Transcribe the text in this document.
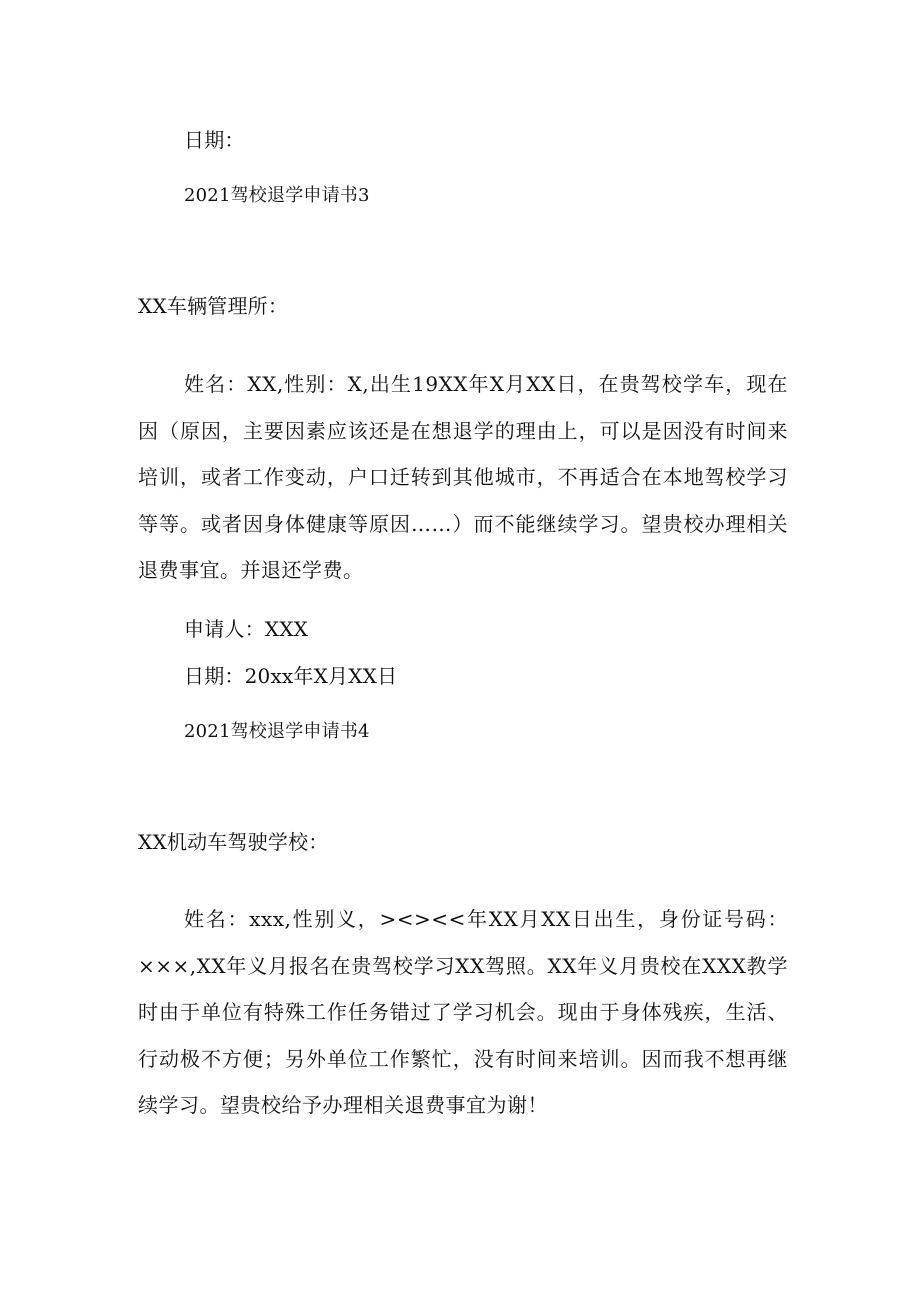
日期：
2021驾校退学申请书3
XX车辆管理所：

姓名：XX,性别：X,出生19XX年X月XX日，在贵驾校学车，现在因（原因，主要因素应该还是在想退学的理由上，可以是因没有时间来培训，或者工作变动，户口迁转到其他城市，不再适合在本地驾校学习等等。或者因身体健康等原因……）而不能继续学习。望贵校办理相关退费事宜。并退还学费。

申请人：XXX
日期：20xx年X月XX日
2021驾校退学申请书4
XX机动车驾驶学校：

姓名：xxx,性别义，><><<年XX月XX日出生，身份证号码：×××,XX年义月报名在贵驾校学习XX驾照。XX年义月贵校在XXX教学时由于单位有特殊工作任务错过了学习机会。现由于身体残疾，生活、行动极不方便；另外单位工作繁忙，没有时间来培训。因而我不想再继续学习。望贵校给予办理相关退费事宜为谢！
